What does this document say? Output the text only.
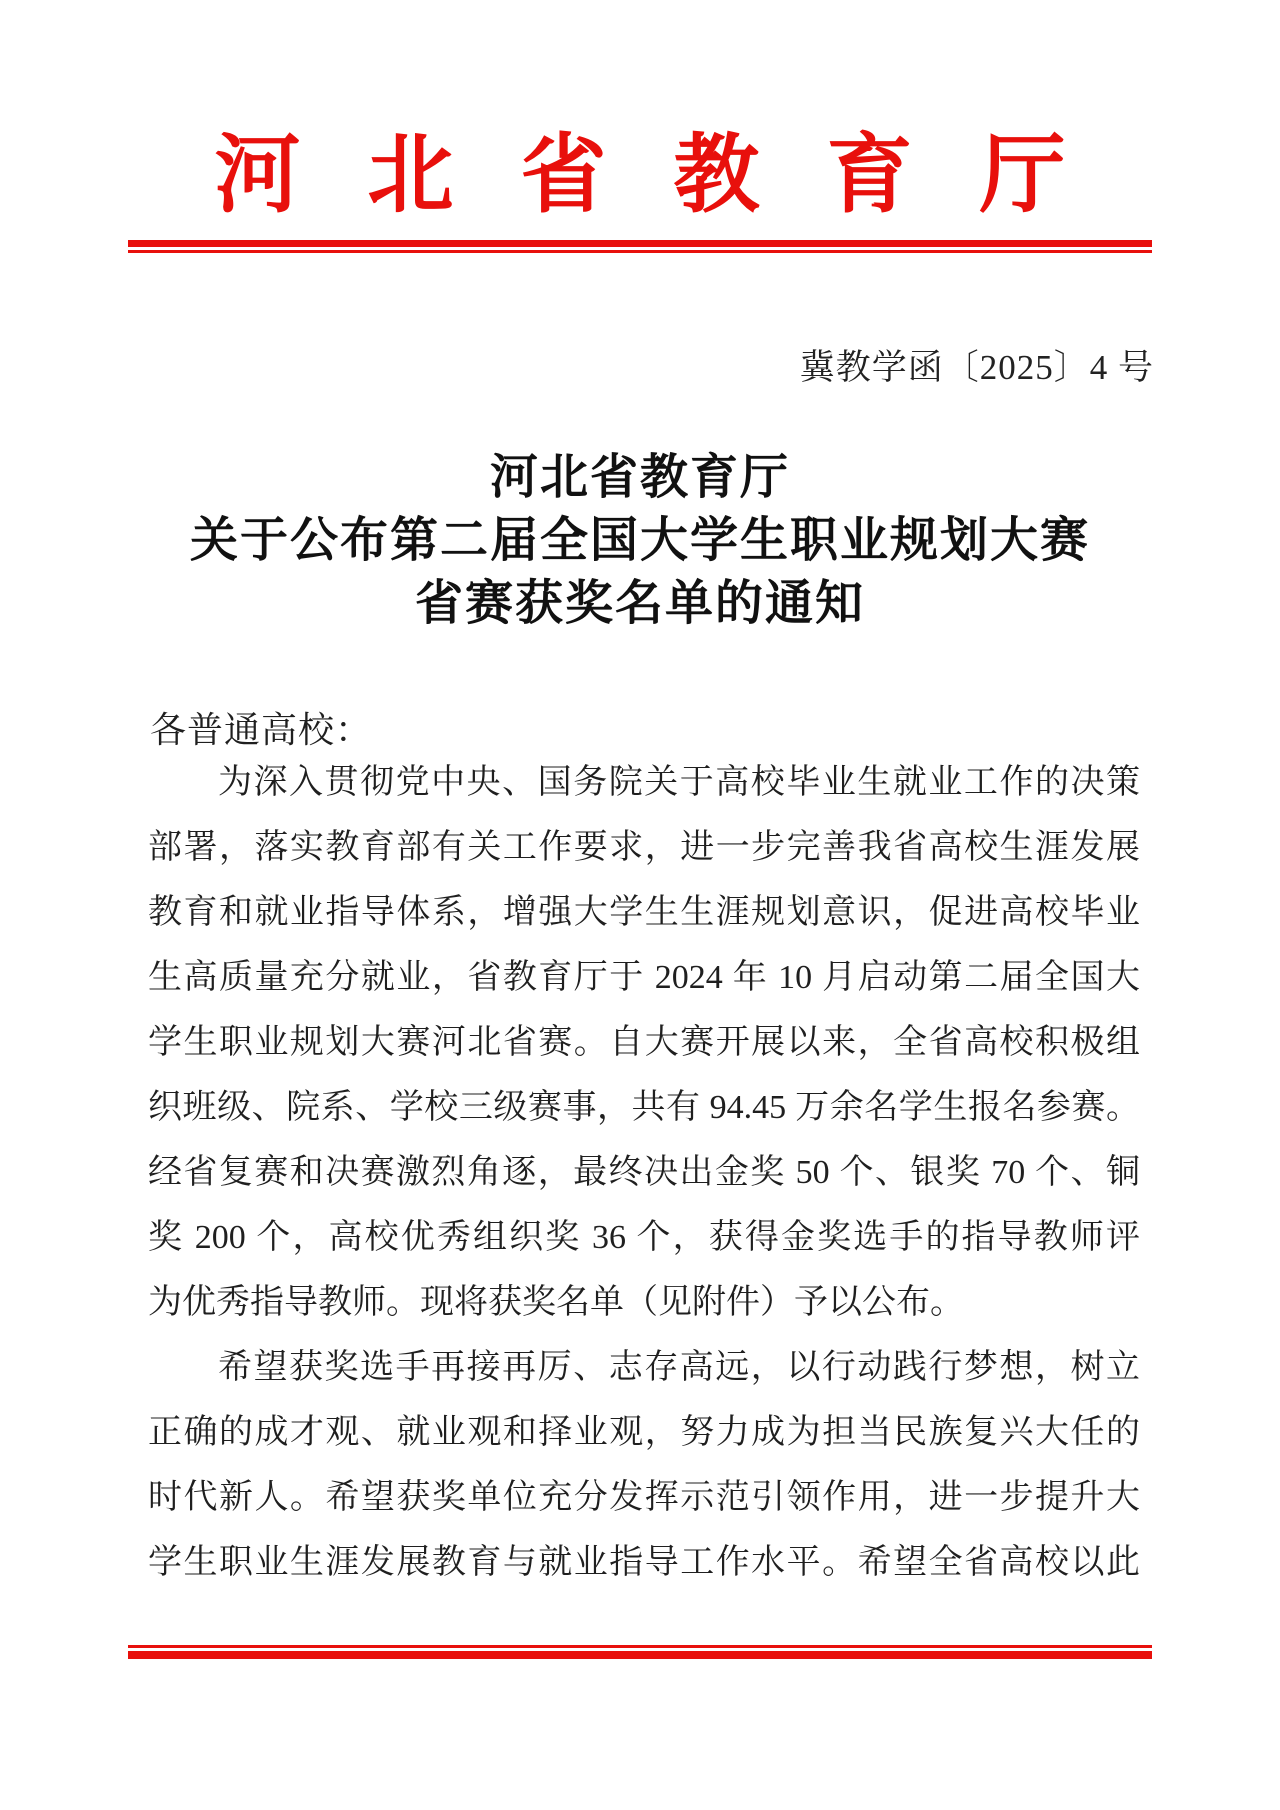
河北省教育厅
冀教学函〔2025〕4 号
河北省教育厅
关于公布第二届全国大学生职业规划大赛
省赛获奖名单的通知
各普通高校：
为深入贯彻党中央、国务院关于高校毕业生就业工作的决策
部署，落实教育部有关工作要求，进一步完善我省高校生涯发展
教育和就业指导体系，增强大学生生涯规划意识，促进高校毕业
生高质量充分就业，省教育厅于 2024 年 10 月启动第二届全国大
学生职业规划大赛河北省赛。自大赛开展以来，全省高校积极组
织班级、院系、学校三级赛事，共有 94.45 万余名学生报名参赛。
经省复赛和决赛激烈角逐，最终决出金奖 50 个、银奖 70 个、铜
奖 200 个，高校优秀组织奖 36 个，获得金奖选手的指导教师评
为优秀指导教师。现将获奖名单（见附件）予以公布。
希望获奖选手再接再厉、志存高远，以行动践行梦想，树立
正确的成才观、就业观和择业观，努力成为担当民族复兴大任的
时代新人。希望获奖单位充分发挥示范引领作用，进一步提升大
学生职业生涯发展教育与就业指导工作水平。希望全省高校以此
